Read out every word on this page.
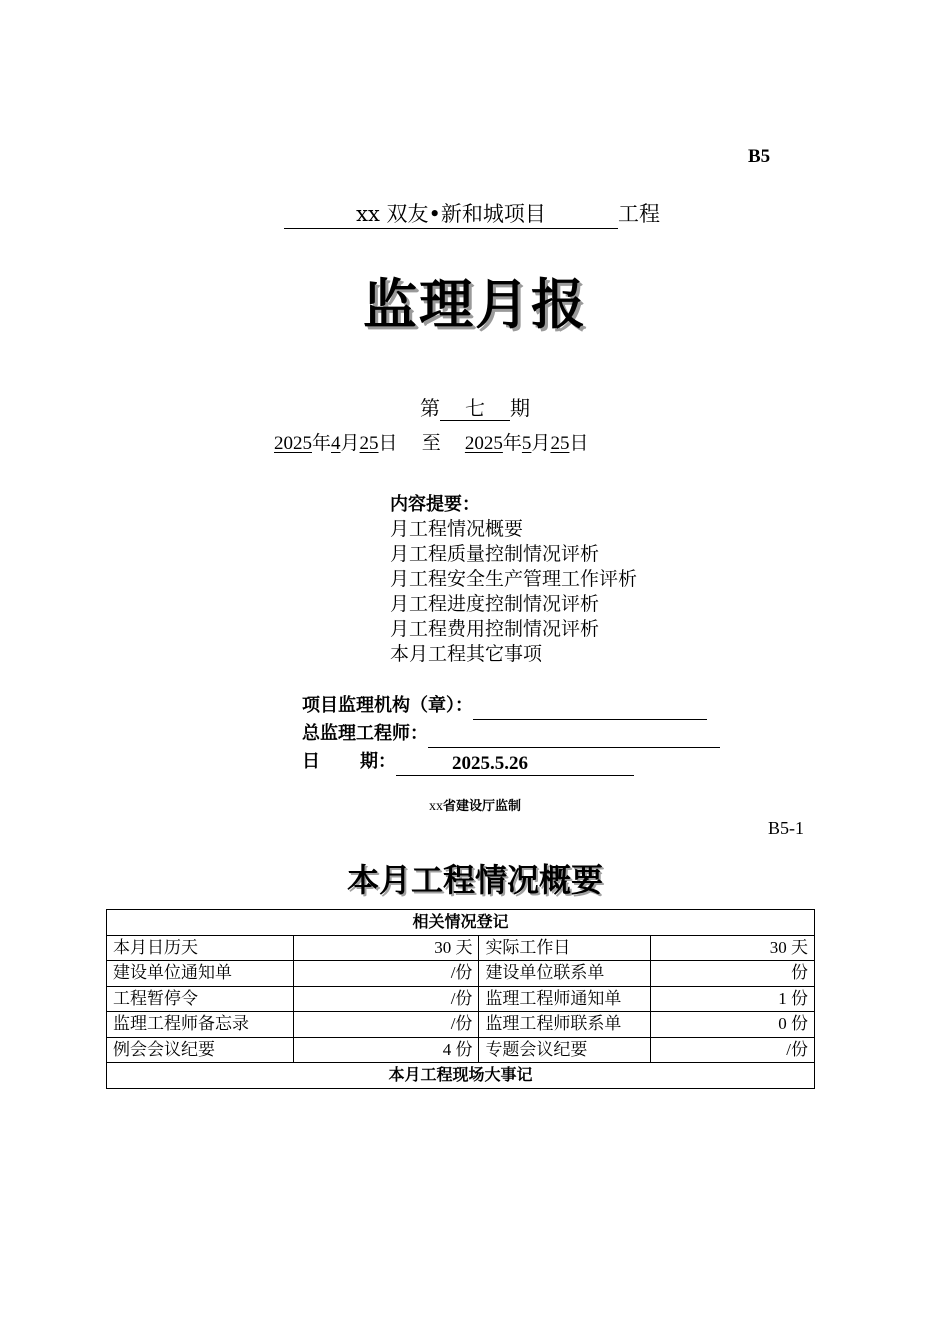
B5
xx 双友•新和城项目	工程
监理月报
第 七 期
2025年4月25日 至 2025年5月25日
内容提要：
月工程情况概要
月工程质量控制情况评析
月工程安全生产管理工作评析
月工程进度控制情况评析
月工程费用控制情况评析
本月工程其它事项
项目监理机构（章）：
总监理工程师：
日 期：	2025.5.26
xx省建设厅监制
B5-1
本月工程情况概要
相关情况登记			
本月日历天	30 天	实际工作日	30 天
建设单位通知单	/份	建设单位联系单	份
工程暂停令	/份	监理工程师通知单	1 份
监理工程师备忘录	/份	监理工程师联系单	0 份
例会会议纪要	4 份	专题会议纪要	/份
本月工程现场大事记			
